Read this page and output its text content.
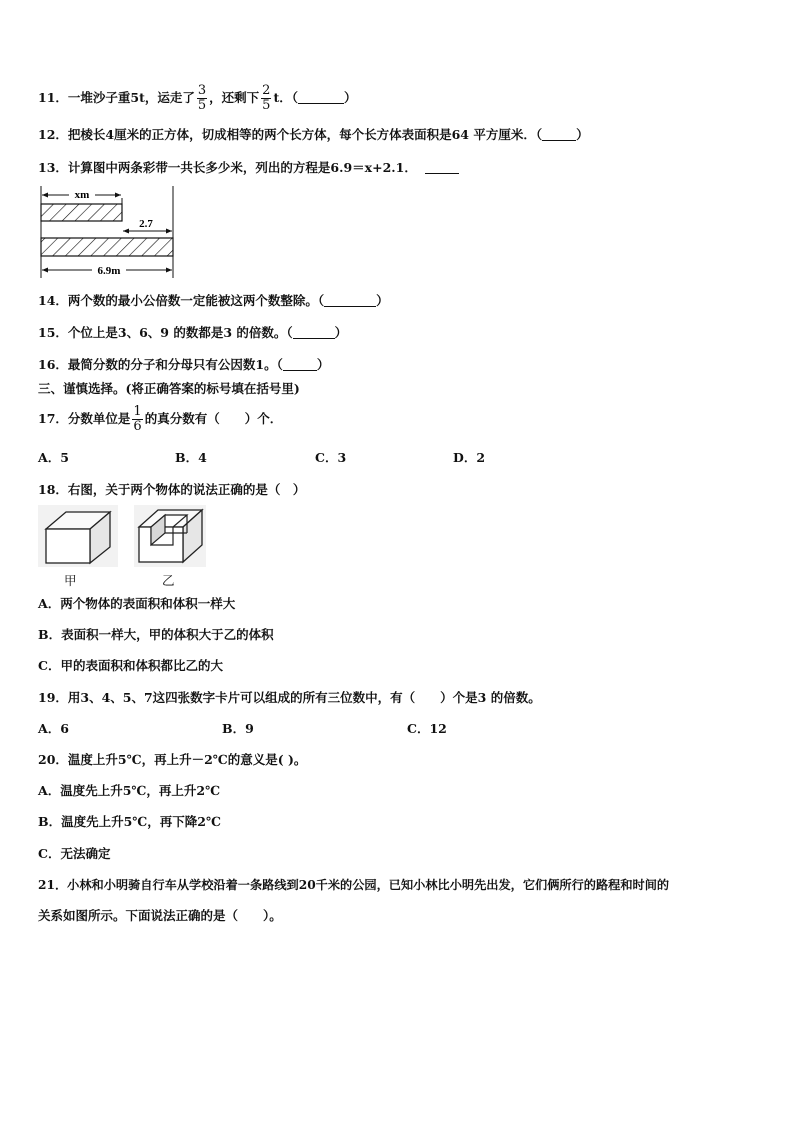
11．一堆沙子重5t，运走了 $\frac{3}{5}$ ，还剩下 $\frac{2}{5}$ t．（	）
12．把棱长4厘米的正方体，切成相等的两个长方体，每个长方体表面积是64 平方厘米．（	）
13．计算图中两条彩带一共长多少米，列出的方程是6.9＝x+2.1．
xm
2.7
6.9m
14．两个数的最小公倍数一定能被这两个数整除。（	）
15．个位上是3、6、9 的数都是3 的倍数。（	）
16．最简分数的分子和分母只有公因数1。（	）
三、谨慎选择。(将正确答案的标号填在括号里)
17．分数单位是 $\frac{1}{6}$ 的真分数有（　　）个．
A．5	B．4	C．3	D．2
18．右图，关于两个物体的说法正确的是（　）
甲	乙
A．两个物体的表面积和体积一样大
B．表面积一样大，甲的体积大于乙的体积
C．甲的表面积和体积都比乙的大
19．用3、4、5、7这四张数字卡片可以组成的所有三位数中，有（　　）个是3 的倍数。
A．6	B．9	C．12
20．温度上升5℃，再上升－2℃的意义是( )。
A．温度先上升5℃，再上升2℃
B．温度先上升5℃，再下降2℃
C．无法确定
21．小林和小明骑自行车从学校沿着一条路线到20千米的公园，已知小林比小明先出发，它们俩所行的路程和时间的
关系如图所示。下面说法正确的是（　　）。
